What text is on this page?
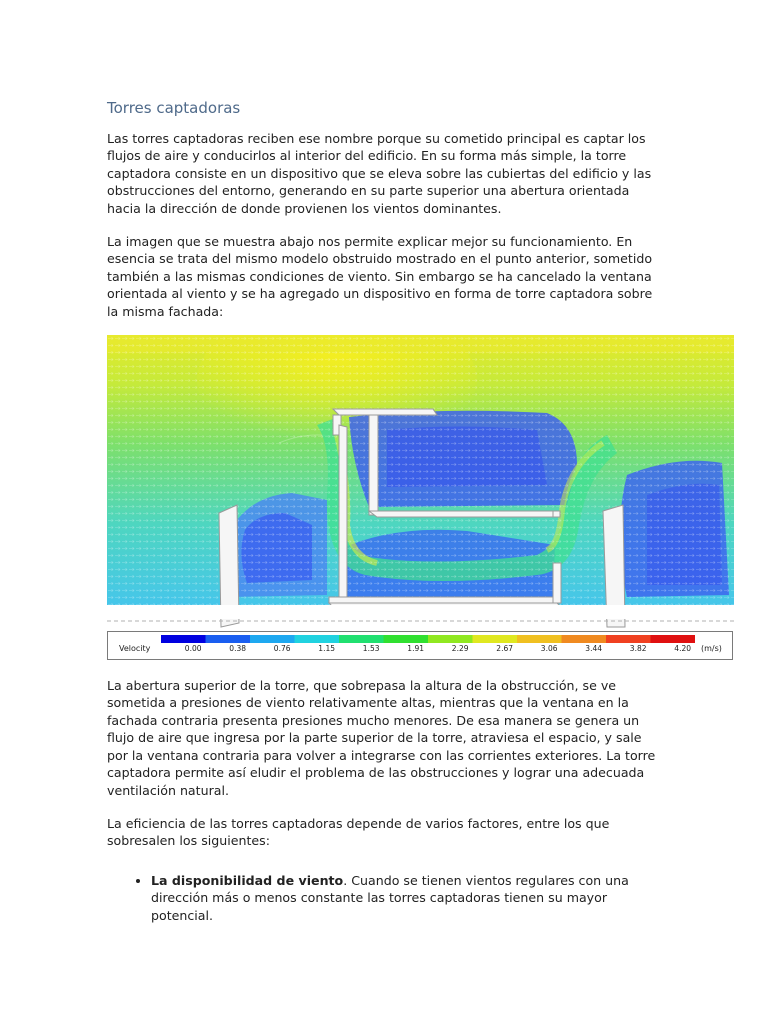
Torres captadoras

Las torres captadoras reciben ese nombre porque su cometido principal es captar los
flujos de aire y conducirlos al interior del edificio. En su forma más simple, la torre
captadora consiste en un dispositivo que se eleva sobre las cubiertas del edificio y las
obstrucciones del entorno, generando en su parte superior una abertura orientada
hacia la dirección de donde provienen los vientos dominantes.

La imagen que se muestra abajo nos permite explicar mejor su funcionamiento. En
esencia se trata del mismo modelo obstruido mostrado en el punto anterior, sometido
también a las mismas condiciones de viento. Sin embargo se ha cancelado la ventana
orientada al viento y se ha agregado un dispositivo en forma de torre captadora sobre
la misma fachada:

Velocity	0.00	0.38	0.76	1.15	1.53	1.91	2.29	2.67	3.06	3.44	3.82	4.20 (m/s)

La abertura superior de la torre, que sobrepasa la altura de la obstrucción, se ve
sometida a presiones de viento relativamente altas, mientras que la ventana en la
fachada contraria presenta presiones mucho menores. De esa manera se genera un
flujo de aire que ingresa por la parte superior de la torre, atraviesa el espacio, y sale
por la ventana contraria para volver a integrarse con las corrientes exteriores. La torre
captadora permite así eludir el problema de las obstrucciones y lograr una adecuada
ventilación natural.

La eficiencia de las torres captadoras depende de varios factores, entre los que
sobresalen los siguientes:

• La disponibilidad de viento. Cuando se tienen vientos regulares con una
dirección más o menos constante las torres captadoras tienen su mayor
potencial.
